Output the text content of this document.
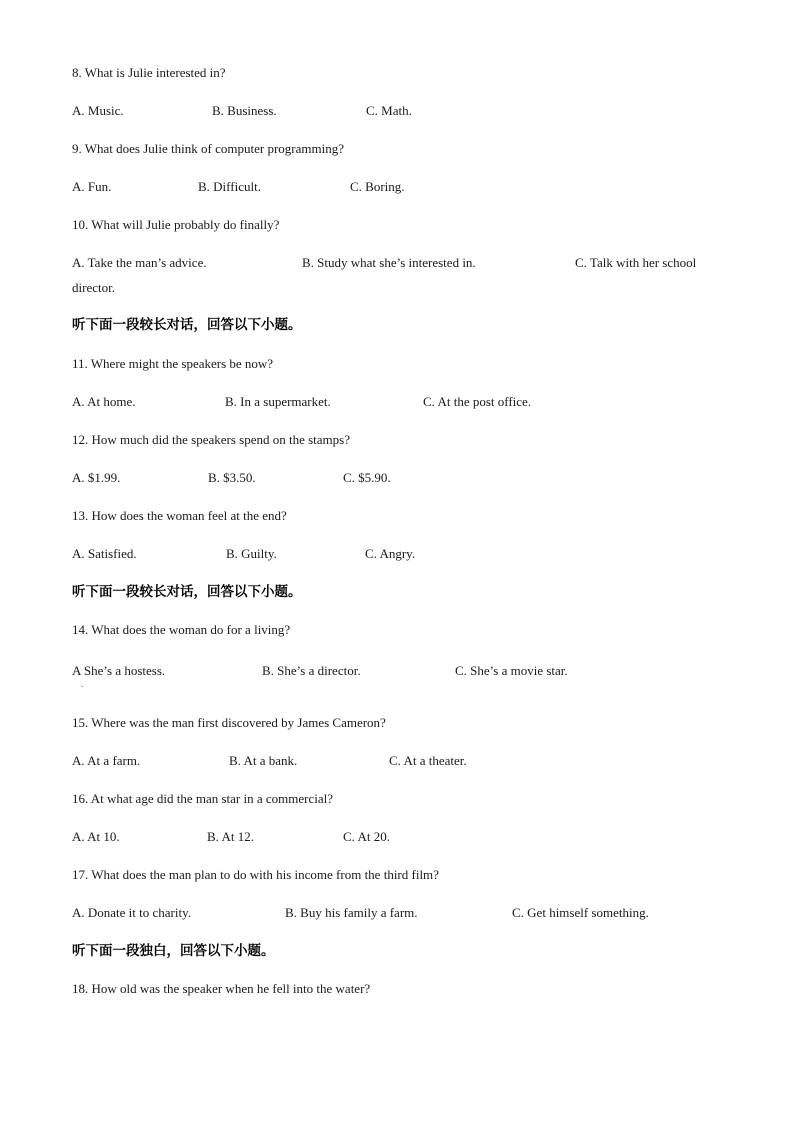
8. What is Julie interested in?
A. Music.	B. Business.	C. Math.
9. What does Julie think of computer programming?
A. Fun.	B. Difficult.	C. Boring.
10. What will Julie probably do finally?
A. Take the man’s advice.	B. Study what she’s interested in.	C. Talk with her school
director.
听下面一段较长对话，回答以下小题。
11. Where might the speakers be now?
A. At home.	B. In a supermarket.	C. At the post office.
12. How much did the speakers spend on the stamps?
A. $1.99.	B. $3.50.	C. $5.90.
13. How does the woman feel at the end?
A. Satisfied.	B. Guilty.	C. Angry.
听下面一段较长对话，回答以下小题。
14. What does the woman do for a living?
A She’s a hostess.
.
B. She’s a director.	C. She’s a movie star.
15. Where was the man first discovered by James Cameron?
A. At a farm.	B. At a bank.	C. At a theater.
16. At what age did the man star in a commercial?
A. At 10.	B. At 12.	C. At 20.
17. What does the man plan to do with his income from the third film?
A. Donate it to charity.	B. Buy his family a farm.	C. Get himself something.
听下面一段独白，回答以下小题。
18. How old was the speaker when he fell into the water?
